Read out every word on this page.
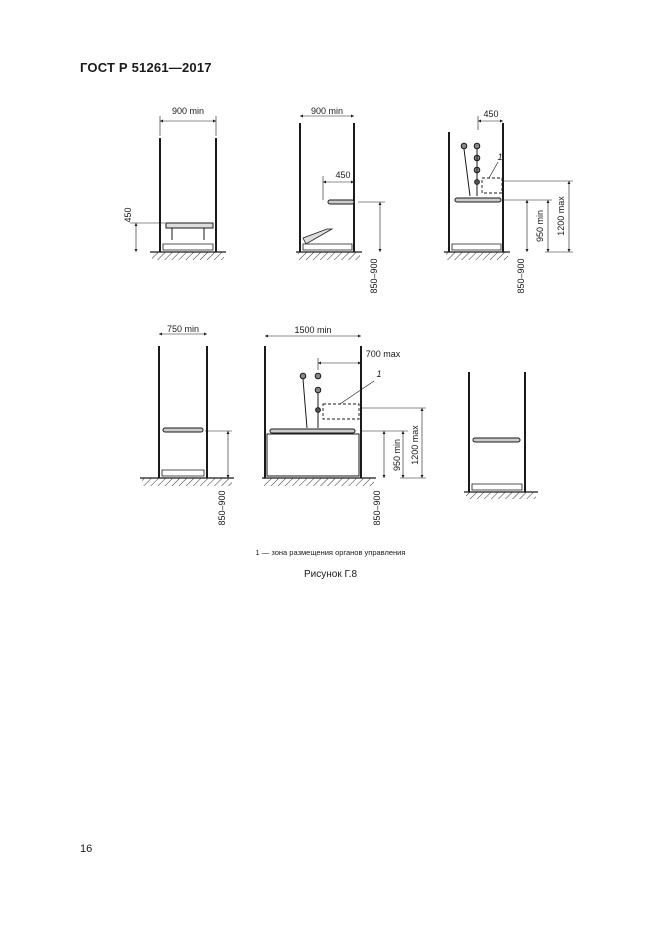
ГОСТ Р 51261—2017
900 min
450
900 min
450
850–900
450
1
950 min 1200 max
850–900
750 min
850–900
1500 min
700 max
1
950 min 1200 max
850–900
1 — зона размещения органов управления
Рисунок Г.8
16
